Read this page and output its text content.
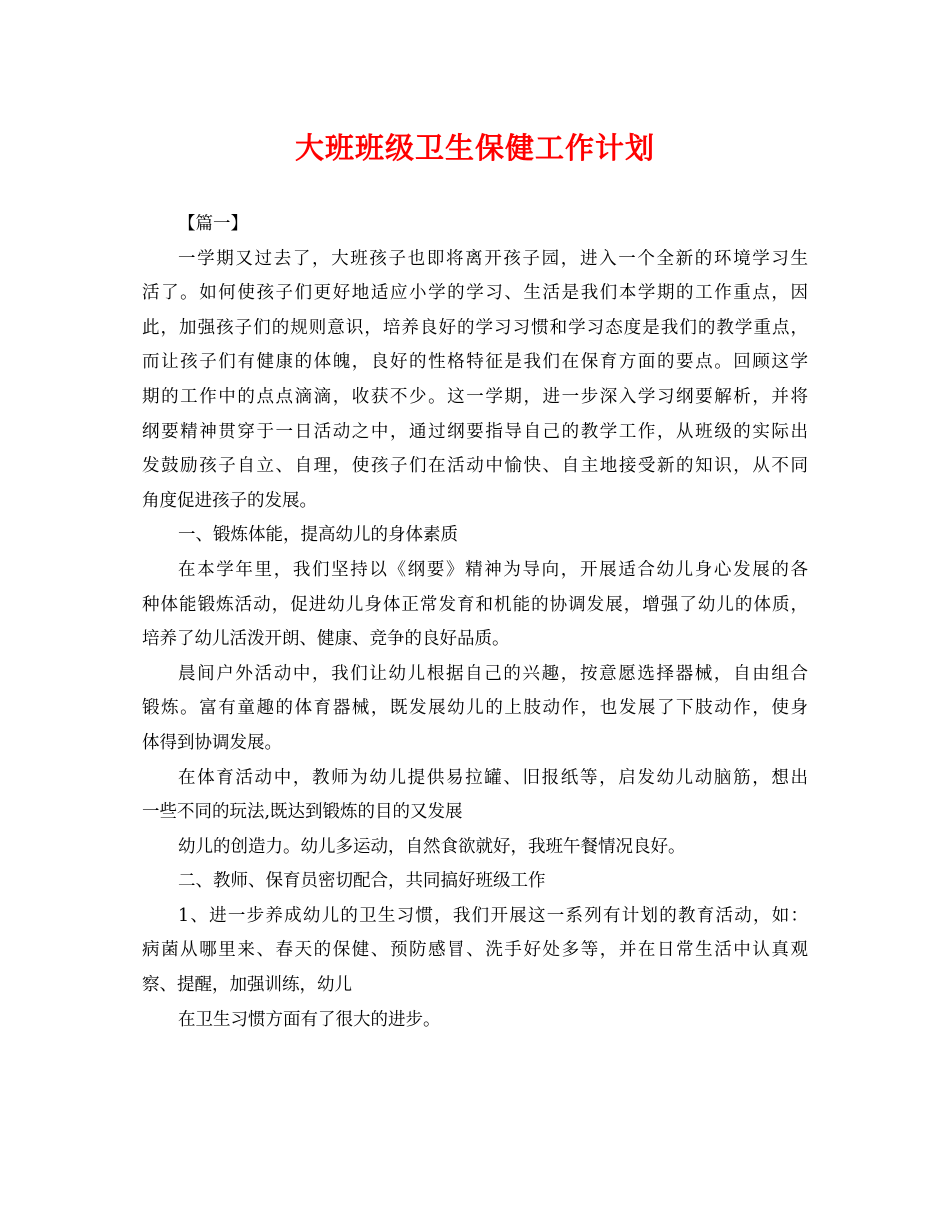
大班班级卫生保健工作计划
【篇一】
一学期又过去了，大班孩子也即将离开孩子园，进入一个全新的环境学习生
活了。如何使孩子们更好地适应小学的学习、生活是我们本学期的工作重点，因
此，加强孩子们的规则意识，培养良好的学习习惯和学习态度是我们的教学重点，
而让孩子们有健康的体魄，良好的性格特征是我们在保育方面的要点。回顾这学
期的工作中的点点滴滴，收获不少。这一学期，进一步深入学习纲要解析，并将
纲要精神贯穿于一日活动之中，通过纲要指导自己的教学工作，从班级的实际出
发鼓励孩子自立、自理，使孩子们在活动中愉快、自主地接受新的知识，从不同
角度促进孩子的发展。
一、锻炼体能，提高幼儿的身体素质
在本学年里，我们坚持以《纲要》精神为导向，开展适合幼儿身心发展的各
种体能锻炼活动，促进幼儿身体正常发育和机能的协调发展，增强了幼儿的体质，
培养了幼儿活泼开朗、健康、竞争的良好品质。
晨间户外活动中，我们让幼儿根据自己的兴趣，按意愿选择器械，自由组合
锻炼。富有童趣的体育器械，既发展幼儿的上肢动作，也发展了下肢动作，使身
体得到协调发展。
在体育活动中，教师为幼儿提供易拉罐、旧报纸等，启发幼儿动脑筋，想出
一些不同的玩法,既达到锻炼的目的又发展
幼儿的创造力。幼儿多运动，自然食欲就好，我班午餐情况良好。
二、教师、保育员密切配合，共同搞好班级工作
1、进一步养成幼儿的卫生习惯，我们开展这一系列有计划的教育活动，如：
病菌从哪里来、春天的保健、预防感冒、洗手好处多等，并在日常生活中认真观
察、提醒，加强训练，幼儿
在卫生习惯方面有了很大的进步。
